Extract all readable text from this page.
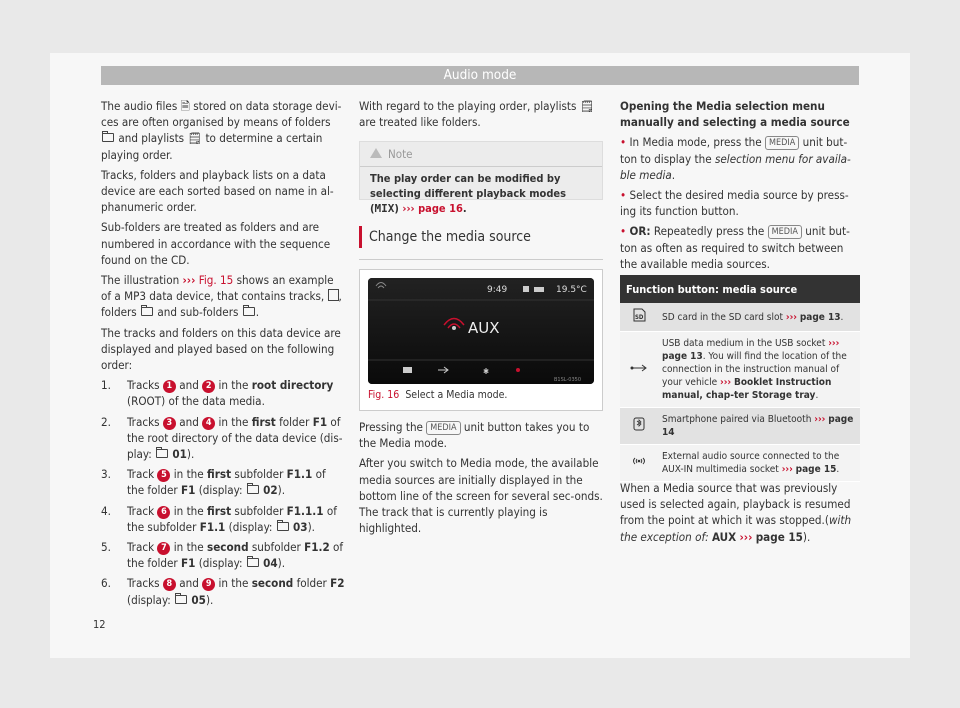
Audio mode

The audio files 🗎 stored on data storage devi-ces are often organised by means of folders  and playlists 🗒 to determine a certain playing order.

Tracks, folders and playback lists on a data device are each sorted based on name in al-phanumeric order.

Sub-folders are treated as folders and are numbered in accordance with the sequence found on the CD.

The illustration ››› Fig. 15 shows an example of a MP3 data device, that contains tracks, , folders and sub-folders .

The tracks and folders on this data device are displayed and played based on the following order:

1. Tracks 1 and 2 in the root directory (ROOT) of the data media.
2. Tracks 3 and 4 in the first folder F1 of the root directory of the data device (dis-play: 01).
3. Track 5 in the first subfolder F1.1 of the folder F1 (display: 02).
4. Track 6 in the first subfolder F1.1.1 of the subfolder F1.1 (display: 03).
5. Track 7 in the second subfolder F1.2 of the folder F1 (display: 04).
6. Tracks 8 and 9 in the second folder F2 (display: 05).

With regard to the playing order, playlists 🗒 are treated like folders.

Note
The play order can be modified by selecting different playback modes (MIX) ››› page 16.
Change the media source
9:49	19.5°C
AUX
✱
B1SL-0350
Fig. 16 Select a Media mode.

Pressing the MEDIA unit button takes you to the Media mode.

After you switch to Media mode, the available media sources are initially displayed in the bottom line of the screen for several sec-onds. The track that is currently playing is highlighted.

Opening the Media selection menu manually and selecting a media source

• In Media mode, press the MEDIA unit but-ton to display the selection menu for availa-ble media.

• Select the desired media source by press-ing its function button.

• OR: Repeatedly press the MEDIA unit but-ton as often as required to switch between the available media sources.

Function button: media source	

SD	SD card in the SD card slot ››› page 13.
	USB data medium in the USB socket ››› page 13. You will find the location of the connection in the instruction manual of your vehicle ››› Booklet Instruction manual, chap-ter Storage tray.
	Smartphone paired via Bluetooth ››› page 14
	External audio source connected to the AUX-IN multimedia socket ››› page 15.

When a Media source that was previously used is selected again, playback is resumed from the point at which it was stopped.(with the exception of: AUX ››› page 15).

12
